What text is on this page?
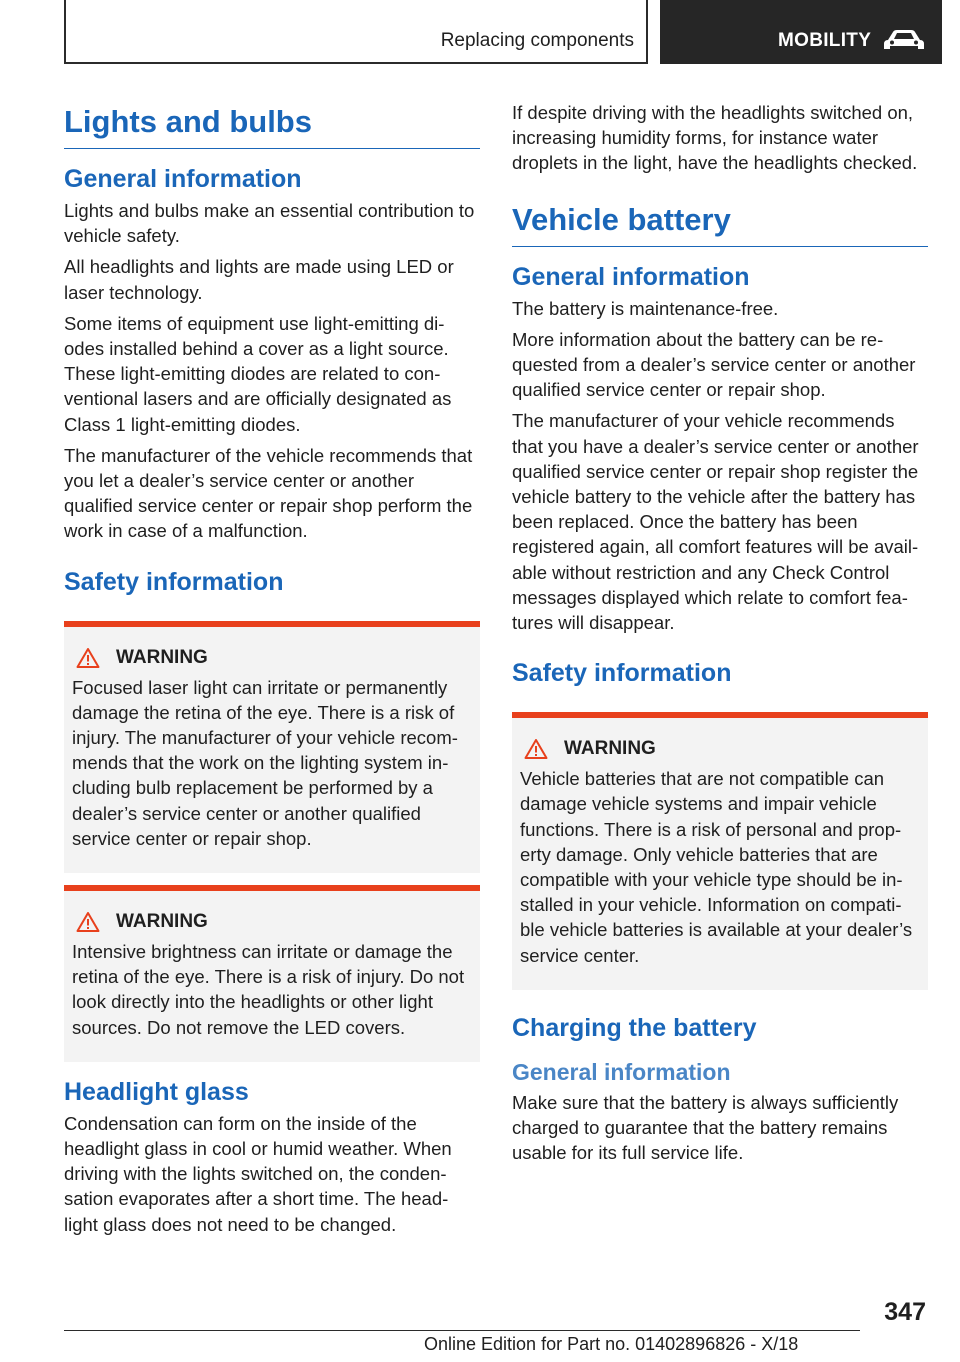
Replacing components	MOBILITY
Lights and bulbs
General information

Lights and bulbs make an essential contribution to vehicle safety.

All headlights and lights are made using LED or laser technology.

Some items of equipment use light-emitting di-odes installed behind a cover as a light source. These light-emitting diodes are related to con-ventional lasers and are officially designated as Class 1 light-emitting diodes.

The manufacturer of the vehicle recommends that you let a dealer’s service center or another qualified service center or repair shop perform the work in case of a malfunction.

Safety information
WARNING

Focused laser light can irritate or permanently damage the retina of the eye. There is a risk of injury. The manufacturer of your vehicle recom-mends that the work on the lighting system in-cluding bulb replacement be performed by a dealer’s service center or another qualified service center or repair shop.

WARNING

Intensive brightness can irritate or damage the retina of the eye. There is a risk of injury. Do not look directly into the headlights or other light sources. Do not remove the LED covers.

Headlight glass

Condensation can form on the inside of the headlight glass in cool or humid weather. When driving with the lights switched on, the conden-sation evaporates after a short time. The head-light glass does not need to be changed.

If despite driving with the headlights switched on, increasing humidity forms, for instance water droplets in the light, have the headlights checked.

Vehicle battery
General information

The battery is maintenance-free.

More information about the battery can be re-quested from a dealer’s service center or another qualified service center or repair shop.

The manufacturer of your vehicle recommends that you have a dealer’s service center or another qualified service center or repair shop register the vehicle battery to the vehicle after the battery has been replaced. Once the battery has been registered again, all comfort features will be avail-able without restriction and any Check Control messages displayed which relate to comfort fea-tures will disappear.

Safety information
WARNING

Vehicle batteries that are not compatible can damage vehicle systems and impair vehicle functions. There is a risk of personal and prop-erty damage. Only vehicle batteries that are compatible with your vehicle type should be in-stalled in your vehicle. Information on compati-ble vehicle batteries is available at your dealer’s service center.

Charging the battery
General information

Make sure that the battery is always sufficiently charged to guarantee that the battery remains usable for its full service life.

347
Online Edition for Part no. 01402896826 - X/18
